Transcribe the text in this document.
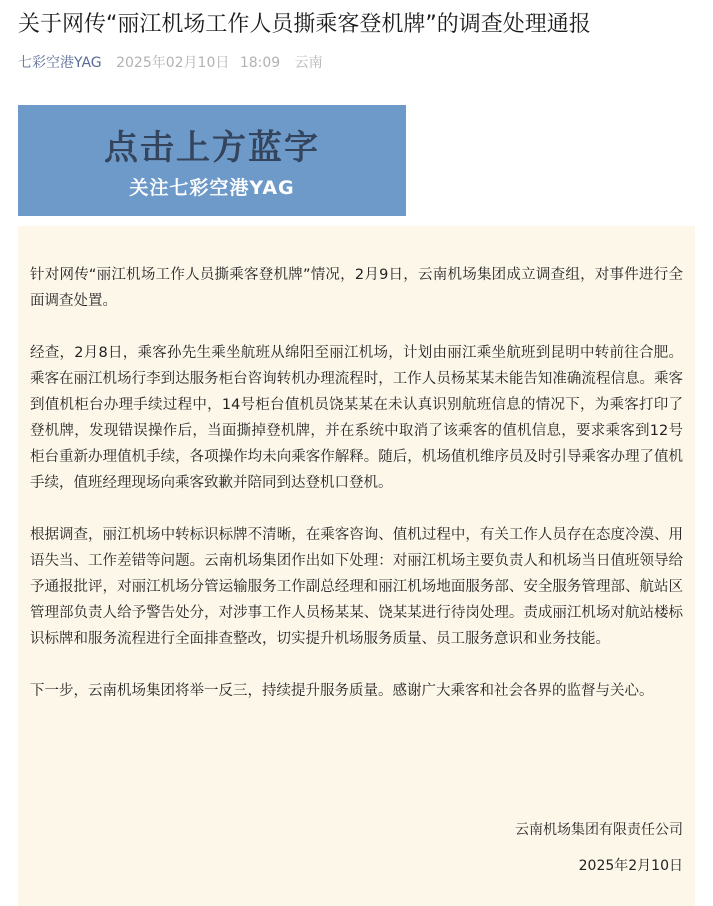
关于网传“丽江机场工作人员撕乘客登机牌”的调查处理通报
七彩空港YAG 2025年02月10日 18:09 云南
点击上方蓝字
关注七彩空港YAG

针对网传“丽江机场工作人员撕乘客登机牌”情况，2月9日，云南机场集团成立调查组，对事件进行全面调查处置。

经查，2月8日，乘客孙先生乘坐航班从绵阳至丽江机场，计划由丽江乘坐航班到昆明中转前往合肥。乘客在丽江机场行李到达服务柜台咨询转机办理流程时，工作人员杨某某未能告知准确流程信息。乘客到值机柜台办理手续过程中，14号柜台值机员饶某某在未认真识别航班信息的情况下，为乘客打印了登机牌，发现错误操作后，当面撕掉登机牌，并在系统中取消了该乘客的值机信息，要求乘客到12号柜台重新办理值机手续，各项操作均未向乘客作解释。随后，机场值机维序员及时引导乘客办理了值机手续，值班经理现场向乘客致歉并陪同到达登机口登机。

根据调查，丽江机场中转标识标牌不清晰，在乘客咨询、值机过程中，有关工作人员存在态度冷漠、用语失当、工作差错等问题。云南机场集团作出如下处理：对丽江机场主要负责人和机场当日值班领导给予通报批评，对丽江机场分管运输服务工作副总经理和丽江机场地面服务部、安全服务管理部、航站区管理部负责人给予警告处分，对涉事工作人员杨某某、饶某某进行待岗处理。责成丽江机场对航站楼标识标牌和服务流程进行全面排查整改，切实提升机场服务质量、员工服务意识和业务技能。

下一步，云南机场集团将举一反三，持续提升服务质量。感谢广大乘客和社会各界的监督与关心。

云南机场集团有限责任公司
2025年2月10日
